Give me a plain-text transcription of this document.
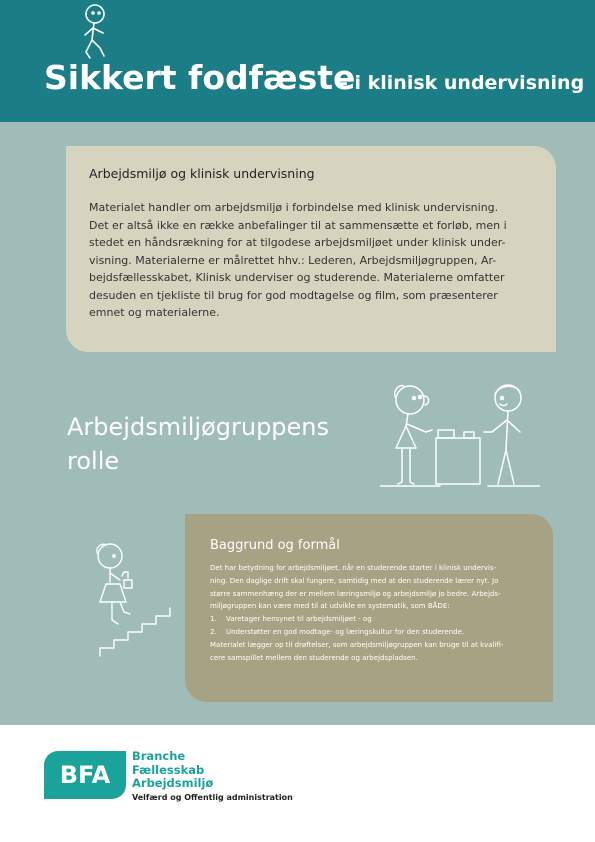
Sikkert fodfæste
- i klinisk undervisning
Arbejdsmiljø og klinisk undervisning
Materialet handler om arbejdsmiljø i forbindelse med klinisk undervisning.
Det er altså ikke en række anbefalinger til at sammensætte et forløb, men i
stedet en håndsrækning for at tilgodese arbejdsmiljøet under klinisk under-
visning. Materialerne er målrettet hhv.: Lederen, Arbejdsmiljøgruppen, Ar-
bejdsfællesskabet, Klinisk underviser og studerende. Materialerne omfatter
desuden en tjekliste til brug for god modtagelse og film, som præsenterer
emnet og materialerne.
Arbejdsmiljøgruppens
rolle
Baggrund og formål
Det har betydning for arbejdsmiljøet, når en studerende starter i klinisk undervis-
ning. Den daglige drift skal fungere, samtidig med at den studerende lærer nyt. Jo
større sammenhæng der er mellem læringsmiljø og arbejdsmiljø jo bedre. Arbejds-
miljøgruppen kan være med til at udvikle en systematik, som BÅDE:
1.	Varetager hensynet til arbejdsmiljøet - og
2.	Understøtter en god modtage- og læringskultur for den studerende.
Materialet lægger op til drøftelser, som arbejdsmiljøgruppen kan bruge til at kvalifi-
cere samspillet mellem den studerende og arbejdspladsen.
BFA
Branche
Fællesskab
Arbejdsmiljø
Velfærd og Offentlig administration
